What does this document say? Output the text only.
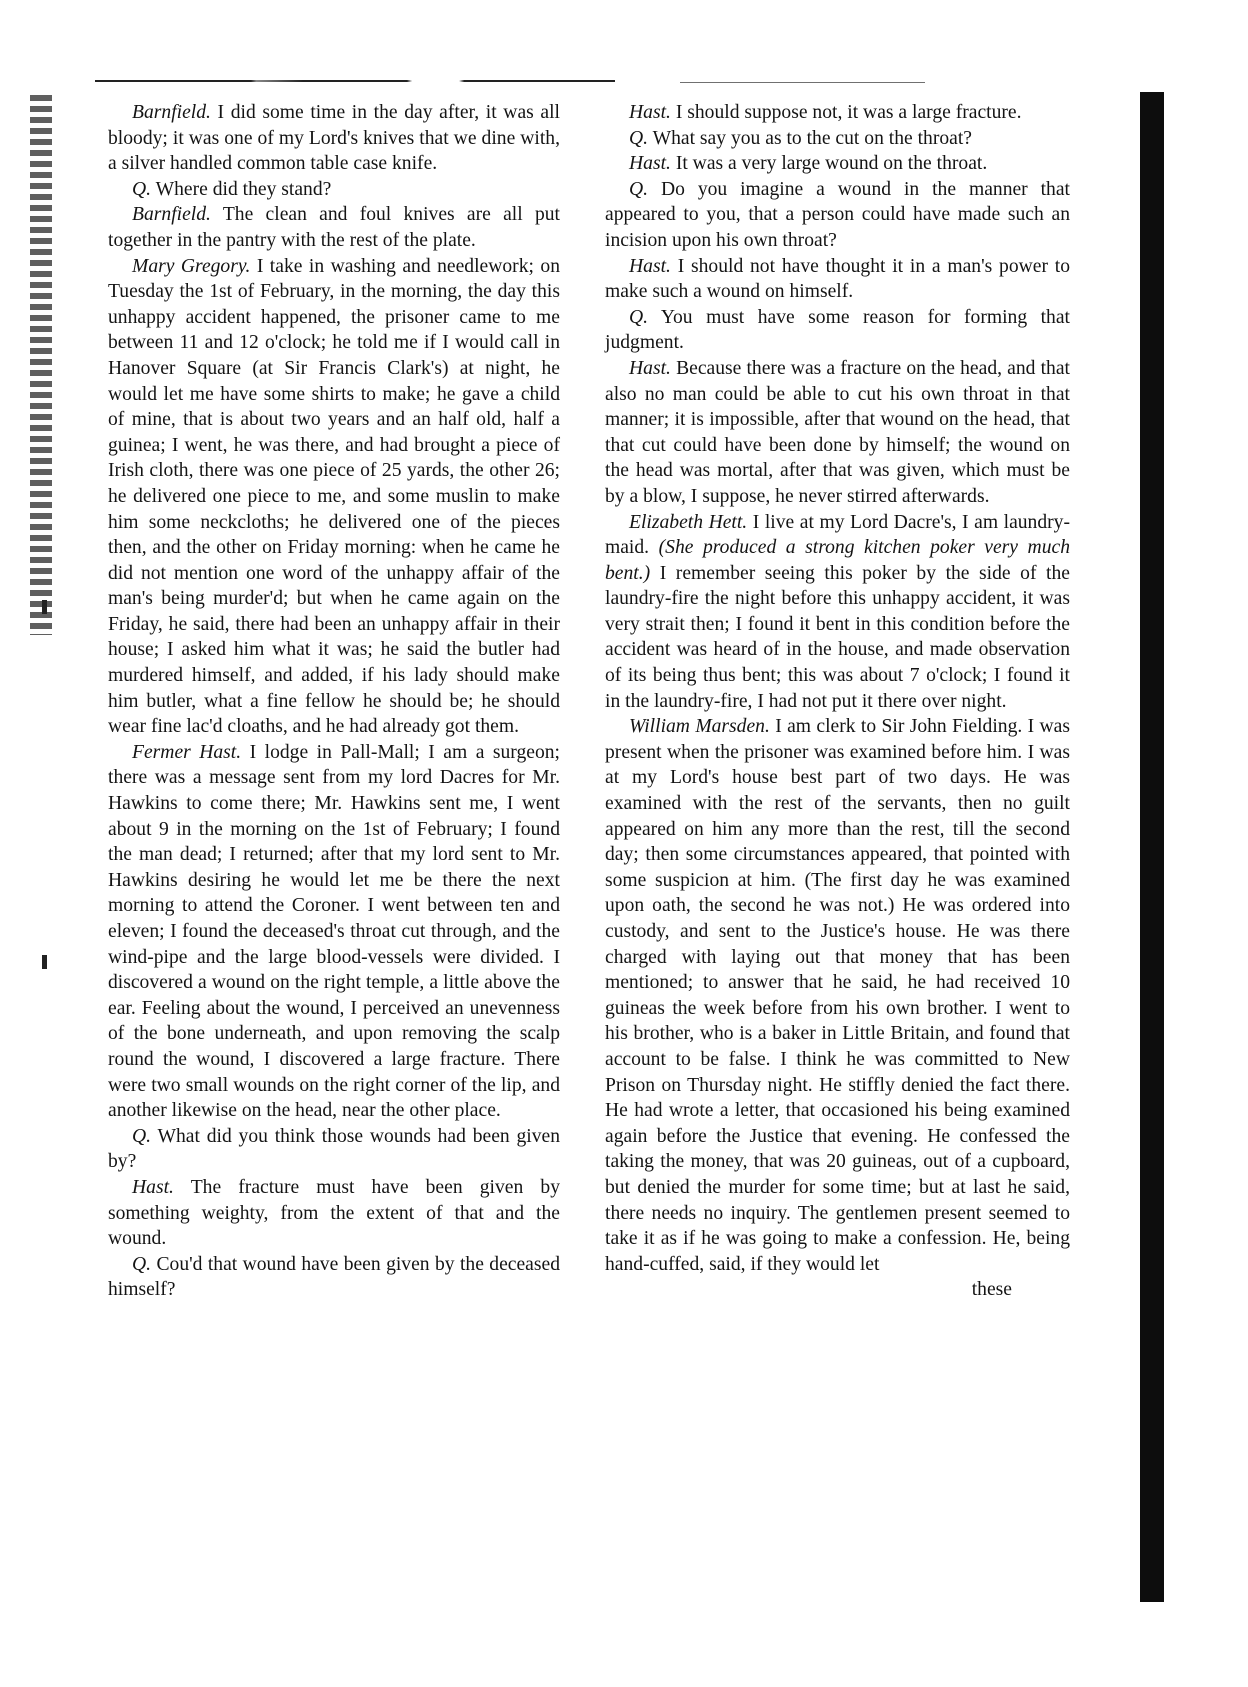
Barnfield. I did some time in the day after, it was all bloody; it was one of my Lord's knives that we dine with, a silver handled common table case knife.

Q. Where did they stand?

Barnfield. The clean and foul knives are all put together in the pantry with the rest of the plate.

Mary Gregory. I take in washing and needlework; on Tuesday the 1st of February, in the morning, the day this unhappy accident happened, the prisoner came to me between 11 and 12 o'clock; he told me if I would call in Hanover Square (at Sir Francis Clark's) at night, he would let me have some shirts to make; he gave a child of mine, that is about two years and an half old, half a guinea; I went, he was there, and had brought a piece of Irish cloth, there was one piece of 25 yards, the other 26; he delivered one piece to me, and some muslin to make him some neckcloths; he delivered one of the pieces then, and the other on Friday morning: when he came he did not mention one word of the unhappy affair of the man's being murder'd; but when he came again on the Friday, he said, there had been an unhappy affair in their house; I asked him what it was; he said the butler had murdered himself, and added, if his lady should make him butler, what a fine fellow he should be; he should wear fine lac'd cloaths, and he had already got them.

Fermer Hast. I lodge in Pall-Mall; I am a surgeon; there was a message sent from my lord Dacres for Mr. Hawkins to come there; Mr. Hawkins sent me, I went about 9 in the morning on the 1st of February; I found the man dead; I returned; after that my lord sent to Mr. Hawkins desiring he would let me be there the next morning to attend the Coroner. I went between ten and eleven; I found the deceased's throat cut through, and the wind-pipe and the large blood-vessels were divided. I discovered a wound on the right temple, a little above the ear. Feeling about the wound, I perceived an unevenness of the bone underneath, and upon removing the scalp round the wound, I discovered a large fracture. There were two small wounds on the right corner of the lip, and another likewise on the head, near the other place.

Q. What did you think those wounds had been given by?

Hast. The fracture must have been given by something weighty, from the extent of that and the wound.

Q. Cou'd that wound have been given by the deceased himself?

Hast. I should suppose not, it was a large fracture.

Q. What say you as to the cut on the throat?

Hast. It was a very large wound on the throat.

Q. Do you imagine a wound in the manner that appeared to you, that a person could have made such an incision upon his own throat?

Hast. I should not have thought it in a man's power to make such a wound on himself.

Q. You must have some reason for forming that judgment.

Hast. Because there was a fracture on the head, and that also no man could be able to cut his own throat in that manner; it is impossible, after that wound on the head, that that cut could have been done by himself; the wound on the head was mortal, after that was given, which must be by a blow, I suppose, he never stirred afterwards.

Elizabeth Hett. I live at my Lord Dacre's, I am laundry-maid. (She produced a strong kitchen poker very much bent.) I remember seeing this poker by the side of the laundry-fire the night before this unhappy accident, it was very strait then; I found it bent in this condition before the accident was heard of in the house, and made observation of its being thus bent; this was about 7 o'clock; I found it in the laundry-fire, I had not put it there over night.

William Marsden. I am clerk to Sir John Fielding. I was present when the prisoner was examined before him. I was at my Lord's house best part of two days. He was examined with the rest of the servants, then no guilt appeared on him any more than the rest, till the second day; then some circumstances appeared, that pointed with some suspicion at him. (The first day he was examined upon oath, the second he was not.) He was ordered into custody, and sent to the Justice's house. He was there charged with laying out that money that has been mentioned; to answer that he said, he had received 10 guineas the week before from his own brother. I went to his brother, who is a baker in Little Britain, and found that account to be false. I think he was committed to New Prison on Thursday night. He stiffly denied the fact there. He had wrote a letter, that occasioned his being examined again before the Justice that evening. He confessed the taking the money, that was 20 guineas, out of a cupboard, but denied the murder for some time; but at last he said, there needs no inquiry. The gentlemen present seemed to take it as if he was going to make a confession. He, being hand-cuffed, said, if they would let

these
